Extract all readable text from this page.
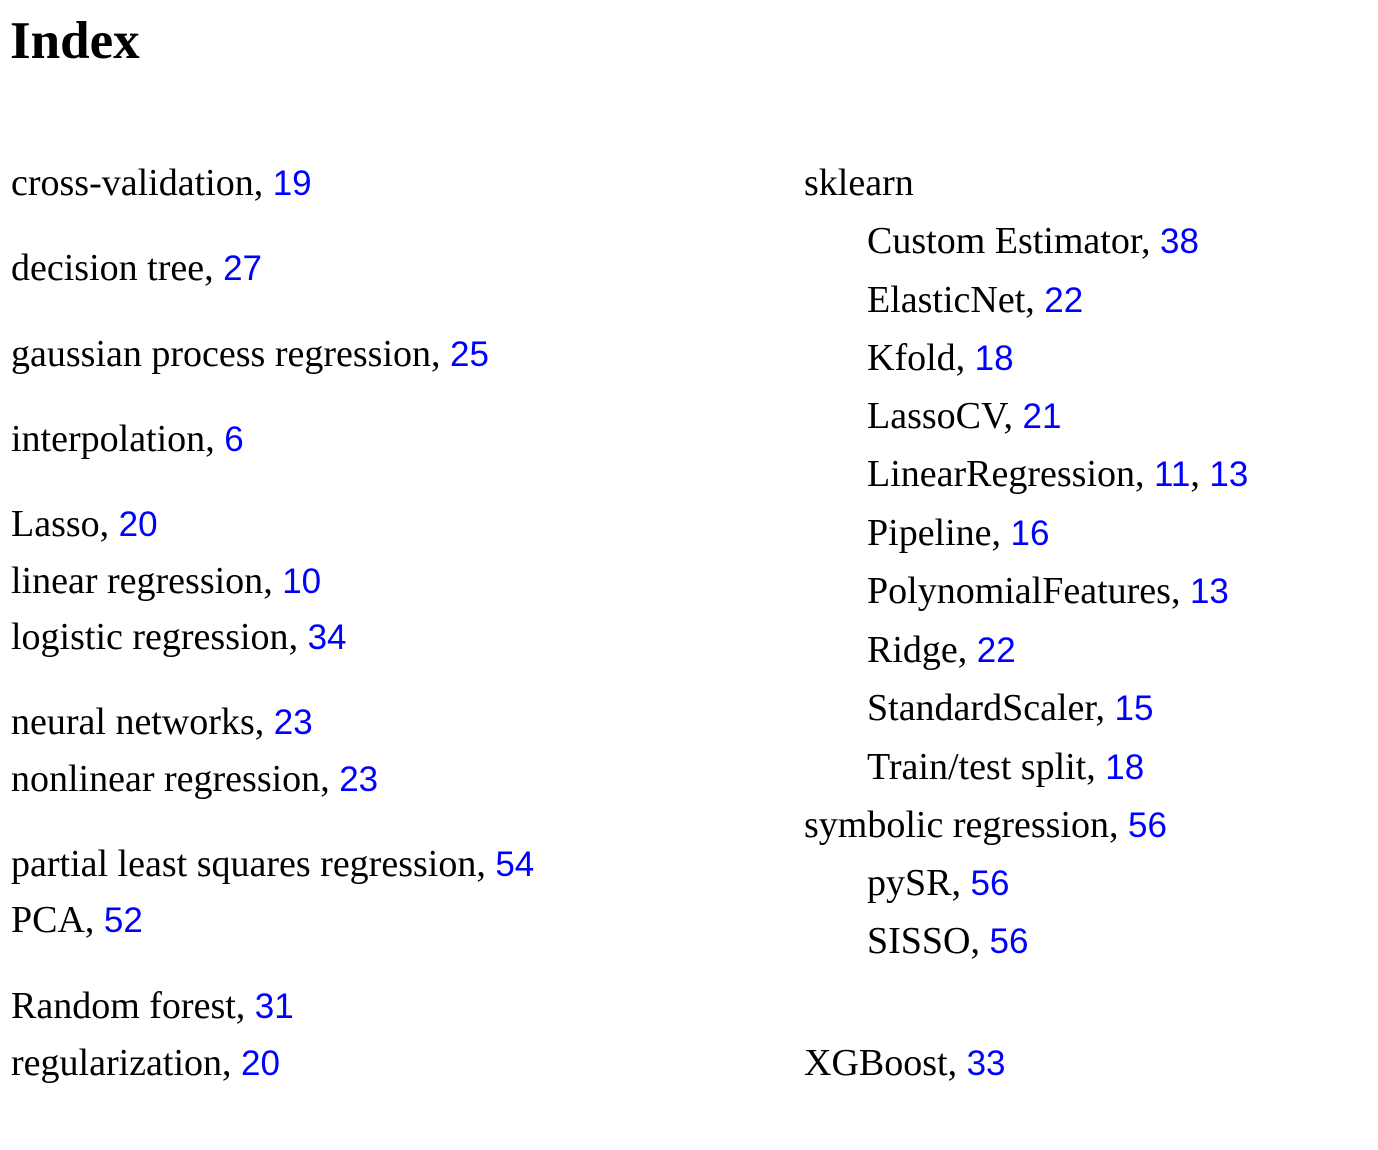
Index
cross-validation, 19
decision tree, 27
gaussian process regression, 25
interpolation, 6
Lasso, 20
linear regression, 10
logistic regression, 34
neural networks, 23
nonlinear regression, 23
partial least squares regression, 54
PCA, 52
Random forest, 31
regularization, 20
sklearn
Custom Estimator, 38
ElasticNet, 22
Kfold, 18
LassoCV, 21
LinearRegression, 11, 13
Pipeline, 16
PolynomialFeatures, 13
Ridge, 22
StandardScaler, 15
Train/test split, 18
symbolic regression, 56
pySR, 56
SISSO, 56
XGBoost, 33
